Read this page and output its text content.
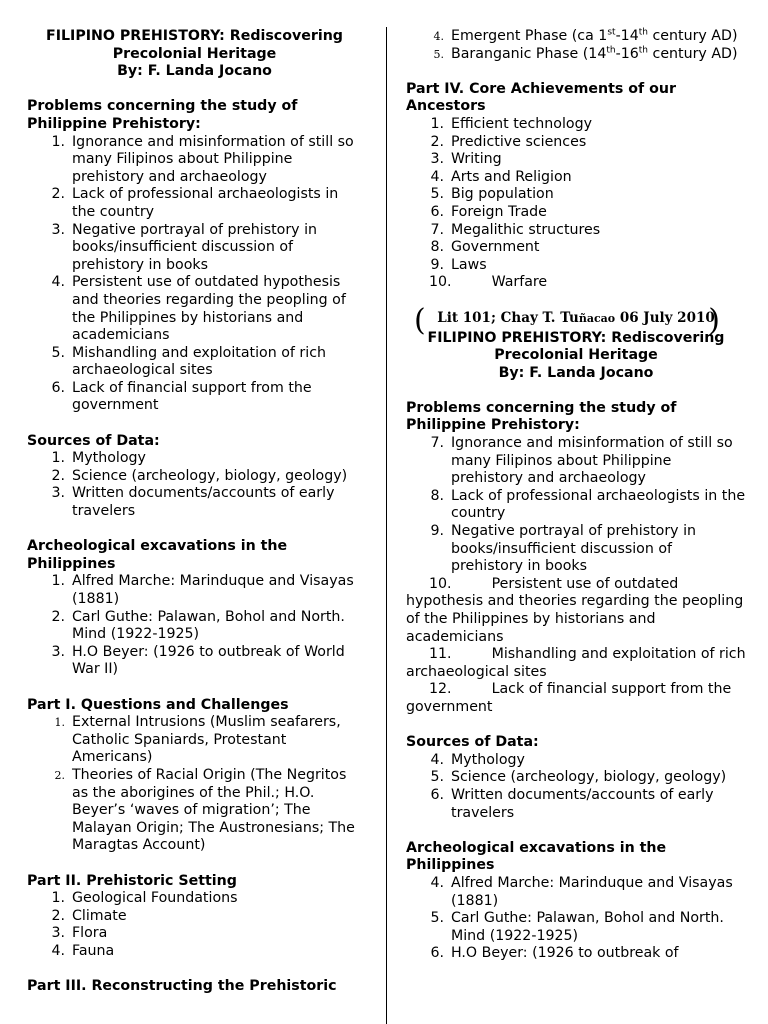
FILIPINO PREHISTORY: Rediscovering
Precolonial Heritage
By: F. Landa Jocano
Problems concerning the study of Philippine Prehistory:
1. Ignorance and misinformation of still so many Filipinos about Philippine prehistory and archaeology
2. Lack of professional archaeologists in the country
3. Negative portrayal of prehistory in books/insufficient discussion of prehistory in books
4. Persistent use of outdated hypothesis and theories regarding the peopling of the Philippines by historians and academicians
5. Mishandling and exploitation of rich archaeological sites
6. Lack of financial support from the government
Sources of Data:
1. Mythology
2. Science (archeology, biology, geology)
3. Written documents/accounts of early travelers
Archeological excavations in the Philippines
1. Alfred Marche: Marinduque and Visayas (1881)
2. Carl Guthe: Palawan, Bohol and North. Mind (1922-1925)
3. H.O Beyer: (1926 to outbreak of World War II)
Part I. Questions and Challenges
1. External Intrusions (Muslim seafarers, Catholic Spaniards, Protestant Americans)
2. Theories of Racial Origin (The Negritos as the aborigines of the Phil.; H.O. Beyer’s ‘waves of migration’; The Malayan Origin; The Austronesians; The Maragtas Account)
Part II. Prehistoric Setting
1. Geological Foundations
2. Climate
3. Flora
4. Fauna
Part III. Reconstructing the Prehistoric
4. Emergent Phase (ca 1st-14th century AD)
5. Baranganic Phase (14th-16th century AD)
Part IV. Core Achievements of our Ancestors
1. Efficient technology
2. Predictive sciences
3. Writing
4. Arts and Religion
5. Big population
6. Foreign Trade
7. Megalithic structures
8. Government
9. Laws
10.	Warfare
( Lit 101; Chay T. Tuñacao 06 July 2010
)
FILIPINO PREHISTORY: Rediscovering
Precolonial Heritage
By: F. Landa Jocano
Problems concerning the study of Philippine Prehistory:
7. Ignorance and misinformation of still so many Filipinos about Philippine prehistory and archaeology
8. Lack of professional archaeologists in the country
9. Negative portrayal of prehistory in books/insufficient discussion of prehistory in books
10.	Persistent use of outdated hypothesis and theories regarding the peopling of the Philippines by historians and academicians
11.	Mishandling and exploitation of rich archaeological sites
12.	Lack of financial support from the government
Sources of Data:
4. Mythology
5. Science (archeology, biology, geology)
6. Written documents/accounts of early travelers
Archeological excavations in the Philippines
4. Alfred Marche: Marinduque and Visayas (1881)
5. Carl Guthe: Palawan, Bohol and North. Mind (1922-1925)
6. H.O Beyer: (1926 to outbreak of
